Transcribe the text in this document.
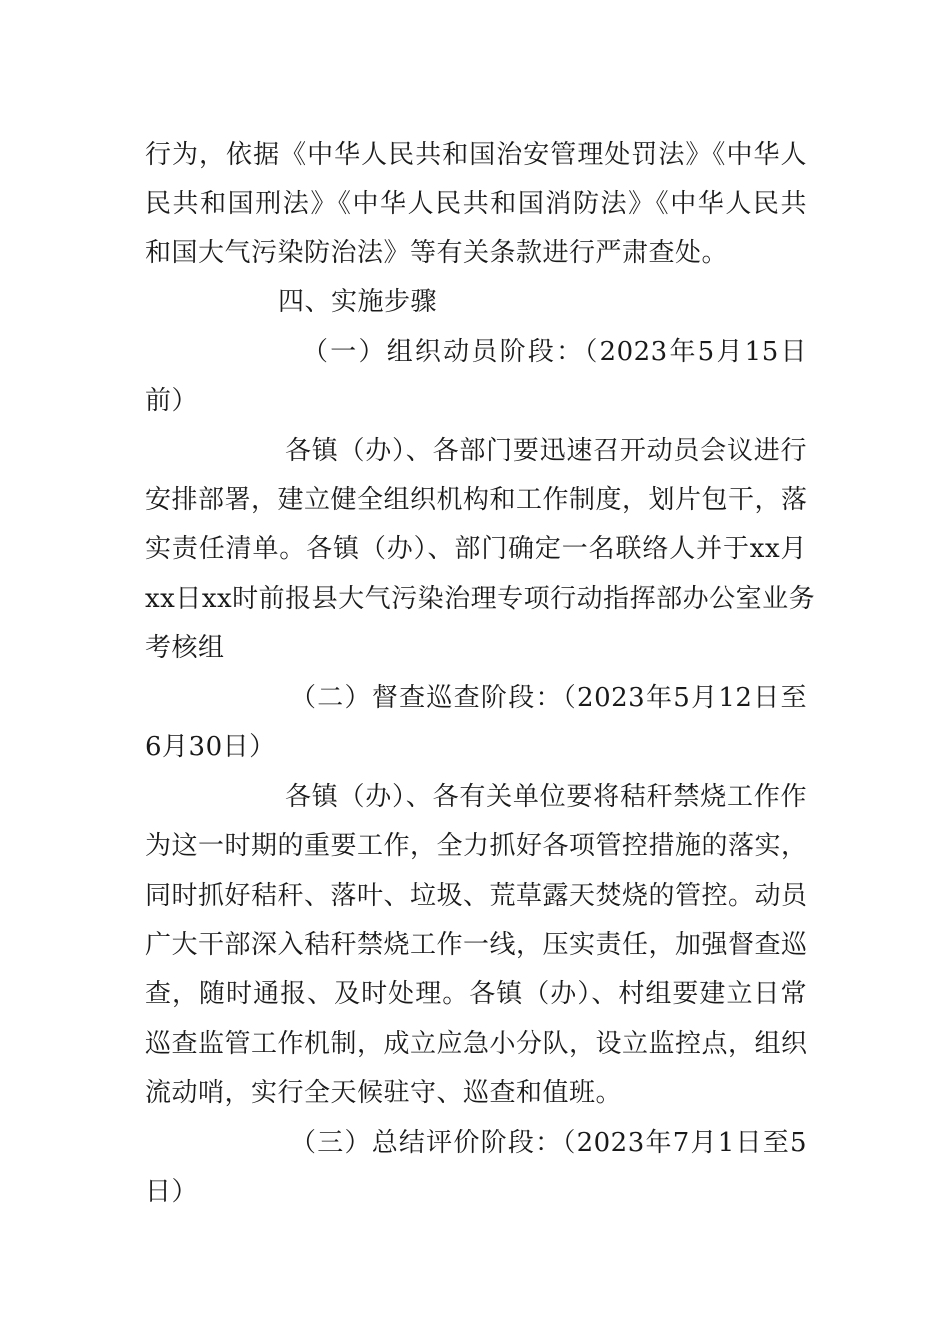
行为，依据《中华人民共和国治安管理处罚法》《中华人
民共和国刑法》《中华人民共和国消防法》《中华人民共
和国大气污染防治法》等有关条款进行严肃查处。
四、实施步骤
（一）组织动员阶段：（2023年5月15日
前）
各镇（办）、各部门要迅速召开动员会议进行
安排部署，建立健全组织机构和工作制度，划片包干，落
实责任清单。各镇（办）、部门确定一名联络人并于xx月
xx日xx时前报县大气污染治理专项行动指挥部办公室业务
考核组
（二）督查巡查阶段：（2023年5月12日至
6月30日）
各镇（办）、各有关单位要将秸秆禁烧工作作
为这一时期的重要工作，全力抓好各项管控措施的落实，
同时抓好秸秆、落叶、垃圾、荒草露天焚烧的管控。动员
广大干部深入秸秆禁烧工作一线，压实责任，加强督查巡
查，随时通报、及时处理。各镇（办）、村组要建立日常
巡查监管工作机制，成立应急小分队，设立监控点，组织
流动哨，实行全天候驻守、巡查和值班。
（三）总结评价阶段：（2023年7月1日至5
日）
